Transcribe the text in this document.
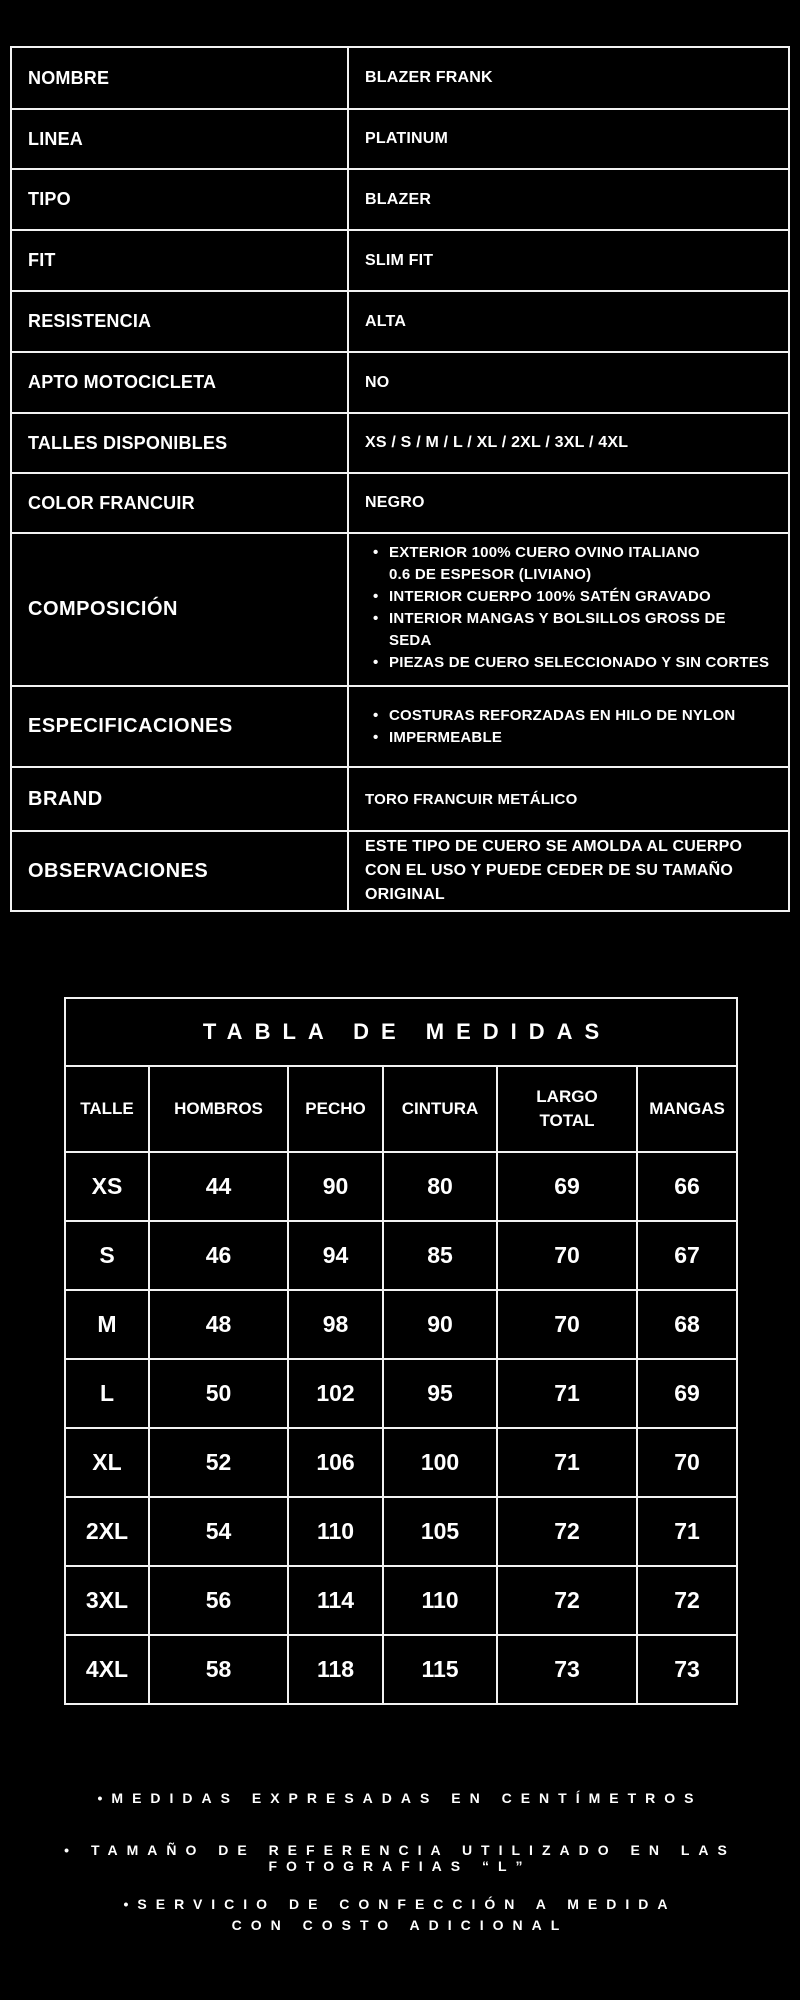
NOMBRE	BLAZER FRANK
LINEA	PLATINUM
TIPO	BLAZER
FIT	SLIM FIT
RESISTENCIA	ALTA
APTO MOTOCICLETA	NO
TALLES DISPONIBLES	XS / S / M / L / XL / 2XL / 3XL / 4XL
COLOR FRANCUIR	NEGRO
COMPOSICIÓN	
• EXTERIOR 100% CUERO OVINO ITALIANO 0.6 DE ESPESOR (LIVIANO)
• INTERIOR CUERPO 100% SATÉN GRAVADO
• INTERIOR MANGAS Y BOLSILLOS GROSS DE SEDA
• PIEZAS DE CUERO SELECCIONADO Y SIN CORTES

ESPECIFICACIONES	
•COSTURAS REFORZADAS EN HILO DE NYLON
• IMPERMEABLE

BRAND	TORO FRANCUIR METÁLICO
OBSERVACIONES	ESTE TIPO DE CUERO SE AMOLDA AL CUERPO CON EL USO Y PUEDE CEDER DE SU TAMAÑO ORIGINAL
TABLA DE MEDIDAS					
TALLE	HOMBROS	PECHO	CINTURA	LARGO TOTAL	MANGAS
XS	44	90	80	69	66
S	46	94	85	70	67
M	48	98	90	70	68
L	50	102	95	71	69
XL	52	106	100	71	70
2XL	54	110	105	72	71
3XL	56	114	110	72	72
4XL	58	118	115	73	73
•MEDIDAS EXPRESADAS EN CENTÍMETROS
• TAMAÑO DE REFERENCIA UTILIZADO EN LAS FOTOGRAFIAS “L”
•SERVICIO DE CONFECCIÓN A MEDIDA CON COSTO ADICIONAL
